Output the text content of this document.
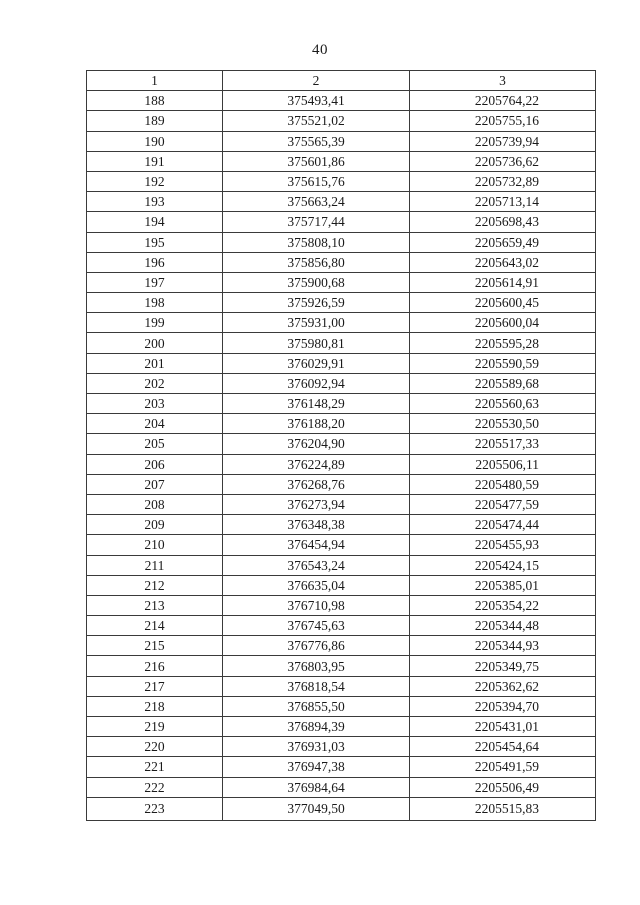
40
1	2	3
188	375493,41	2205764,22
189	375521,02	2205755,16
190	375565,39	2205739,94
191	375601,86	2205736,62
192	375615,76	2205732,89
193	375663,24	2205713,14
194	375717,44	2205698,43
195	375808,10	2205659,49
196	375856,80	2205643,02
197	375900,68	2205614,91
198	375926,59	2205600,45
199	375931,00	2205600,04
200	375980,81	2205595,28
201	376029,91	2205590,59
202	376092,94	2205589,68
203	376148,29	2205560,63
204	376188,20	2205530,50
205	376204,90	2205517,33
206	376224,89	2205506,11
207	376268,76	2205480,59
208	376273,94	2205477,59
209	376348,38	2205474,44
210	376454,94	2205455,93
211	376543,24	2205424,15
212	376635,04	2205385,01
213	376710,98	2205354,22
214	376745,63	2205344,48
215	376776,86	2205344,93
216	376803,95	2205349,75
217	376818,54	2205362,62
218	376855,50	2205394,70
219	376894,39	2205431,01
220	376931,03	2205454,64
221	376947,38	2205491,59
222	376984,64	2205506,49
223	377049,50	2205515,83
